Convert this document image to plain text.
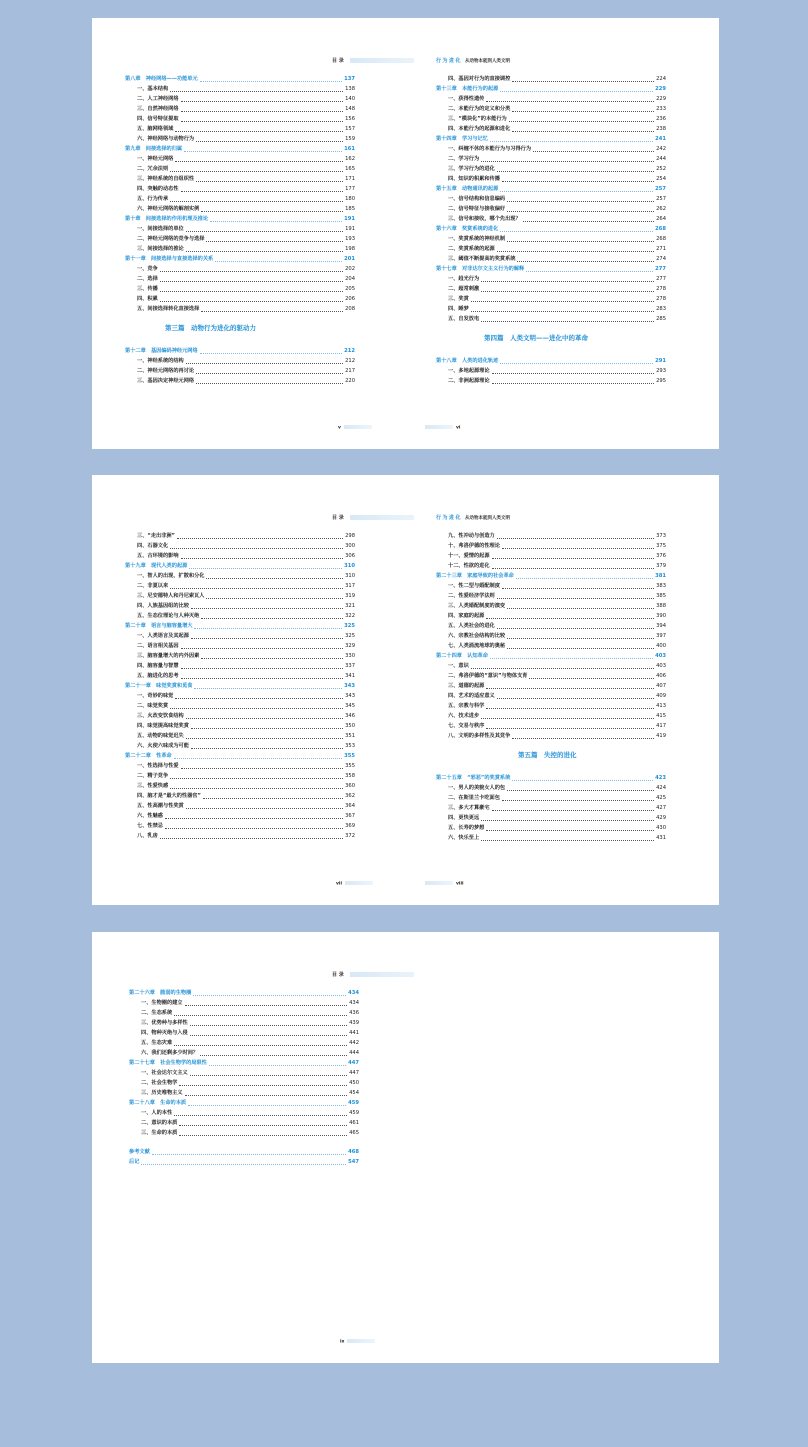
目 录	行为进化 从动物本能到人类文明
第八章　神经网络——功能单元	137
一、基本结构	138
二、人工神经网络	140
三、自然神经网络	148
四、信号特征提取	156
五、脑网络领域	157
六、神经网络与动物行为	159
第九章　间接选择的归属	161
一、神经元网络	162
二、冗余法则	165
三、神经系统的自组织性	171
四、突触的动态性	177
五、行为传承	180
六、神经元网络的解剖实例	185
第十章　间接选择的作用机理及推论	191
一、间接选择的单位	191
二、神经元网络的竞争与选择	193
三、间接选择的推论	198
第十一章　间接选择与直接选择的关系	201
一、竞争	202
二、选择	204
三、传播	205
四、积累	206
五、间接选择转化直接选择	208
第三篇　动物行为进化的驱动力
第十二章　基因编码神经元网络	212
一、神经系统的结构	212
二、神经元网络的再讨论	217
三、基因决定神经元网络	220
四、基因对行为的直接调控	224
第十三章　本能行为的起源	229
一、获得性遗传	229
二、本能行为的定义和分类	233
三、“模块化”的本能行为	236
四、本能行为的起源和进化	238
第十四章　学习与记忆	241
一、纠缠不休的本能行为与习得行为	242
二、学习行为	244
三、学习行为的进化	252
四、知识的积累和传播	254
第十五章　动物通讯的起源	257
一、信号结构和信息编码	257
二、信号特征与接收偏好	262
三、信号和接收，哪个先出现？	264
第十六章　奖赏系统的进化	268
一、奖赏系统的神经机制	268
二、奖赏系统的起源	271
三、阈值不断提高的奖赏系统	274
第十七章　对非达尔文主义行为的解释	277
一、趋光行为	277
二、超常刺激	278
三、奖赏	278
四、睡梦	283
五、自发放电	285
第四篇　人类文明——进化中的革命
第十八章　人类的进化轨迹	291
一、多地起源理论	293
二、非洲起源理论	295
v	vi
目 录	行为进化 从动物本能到人类文明
三、“走出非洲”	298
四、石器文化	300
五、古环境的影响	306
第十九章　现代人类的起源	310
一、智人的出现、扩散和分化	310
二、非夏以来	317
三、尼安德特人和丹尼索瓦人	319
四、人族基因组的比较	321
五、生态位理论与人种灭绝	322
第二十章　语言与脑容量增大	325
一、人类语言及其起源	325
二、语言相关基因	329
三、脑容量增大的内外因素	330
四、脑容量与智慧	337
五、脑进化的思考	341
第二十一章　味觉奖赏和觅食	343
一、奇妙的味觉	343
二、味觉奖赏	345
三、火改变饮食结构	346
四、味觉提高味觉奖赏	350
五、动物的味觉迟失	351
六、火使六味成为可能	353
第二十二章　性革命	355
一、性选择与性爱	355
二、精子竞争	358
三、性爱快感	360
四、脑才是“最大的性器官”	362
五、性高潮与性奖赏	364
六、性魅惑	367
七、性禁忌	369
八、乳房	372
九、性冲动与创造力	373
十、弗洛伊德的性理论	375
十一、爱情的起源	376
十二、性欲的进化	379
第二十三章　家庭导致的社会革命	381
一、性二型与婚配制度	383
二、性爱经济学法则	385
三、人类婚配制度的演变	388
四、家庭的起源	390
五、人类社会的进化	394
六、宗教社会结构的比较	397
七、人类涌流地球的奥秘	400
第二十四章　认知革命	403
一、意识	403
二、弗洛伊德的“意识”与物体支育	406
三、道德的起源	407
四、艺术的适应意义	409
五、宗教与科学	413
六、技术进步	415
七、交易与秩序	417
八、文明的多样性及其竞争	419
第五篇　失控的进化
第二十五章　“邪恶”的奖赏系统	423
一、男人的美貌女人的包	424
二、在斯里兰卡吃面包	425
三、多大才算豪宅	427
四、更快更远	429
五、长寿的梦想	430
六、快乐至上	431
vii	viii
目 录
第二十六章　脆弱的生物圈	434
一、生物圈的建立	434
二、生态系统	436
三、优势种与多样性	439
四、物种灭绝与入侵	441
五、生态灾难	442
六、我们还剩多少时间？	444
第二十七章　社会生物学的局限性	447
一、社会达尔文主义	447
二、社会生物学	450
三、历史唯物主义	454
第二十八章　生命的本质	459
一、人的本性	459
二、意识的本质	461
三、生命的本质	465
参考文献	468
后记	547
ix
